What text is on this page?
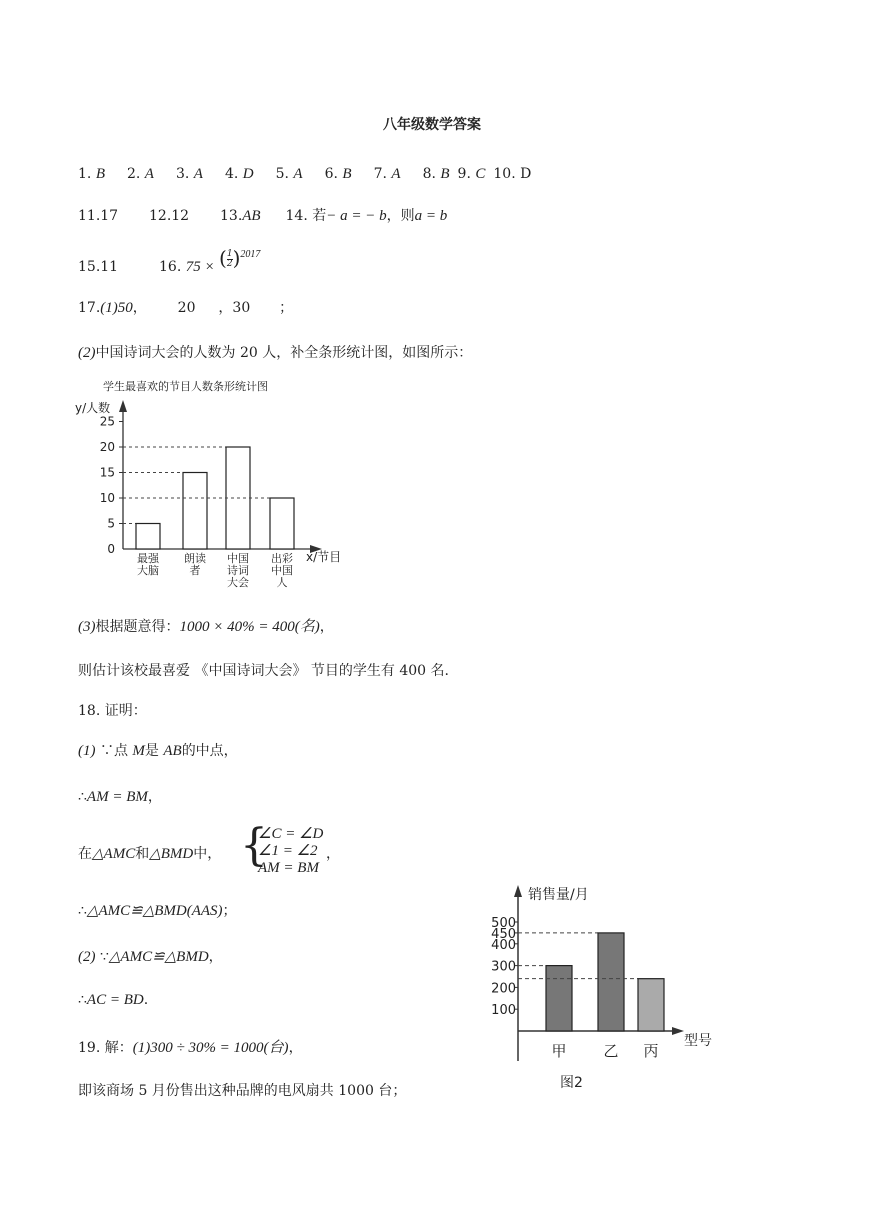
八年级数学答案
1. B 2. A 3. A 4. D 5. A 6. B 7. A 8. B 9. C 10. D
11.17 12.12 13.AB 14. 若− a = − b，则a = b
15.11	16. 75 × ( $\frac{1}{2} )^{2017}$
17.(1)50， 20 ，30 ；
(2)中国诗词大会的人数为 20 人，补全条形统计图，如图所示：
学生最喜欢的节目人数条形统计图
y/人数
x/节目
0
5
10
15
20
25
最强
大脑
朗读
者
中国
诗词
大会
出彩
中国
人
(3)根据题意得：1000 × 40% = 400(名)，
则估计该校最喜爱 《中国诗词大会》 节目的学生有 400 名.
18. 证明：
(1) ∵点 M是 AB的中点，
∴AM = BM，
在△AMC和△BMD中， {
∠C = ∠D
∠1 = ∠2
AM = BM
，
∴△AMC≌△BMD(AAS)；
(2) ∵△AMC≌△BMD，
∴AC = BD.
19. 解：(1)300 ÷ 30% = 1000(台)，
即该商场 5 月份售出这种品牌的电风扇共 1000 台；
销售量/月
型号
图2
100
200
300
400
450
500
甲 乙 丙
